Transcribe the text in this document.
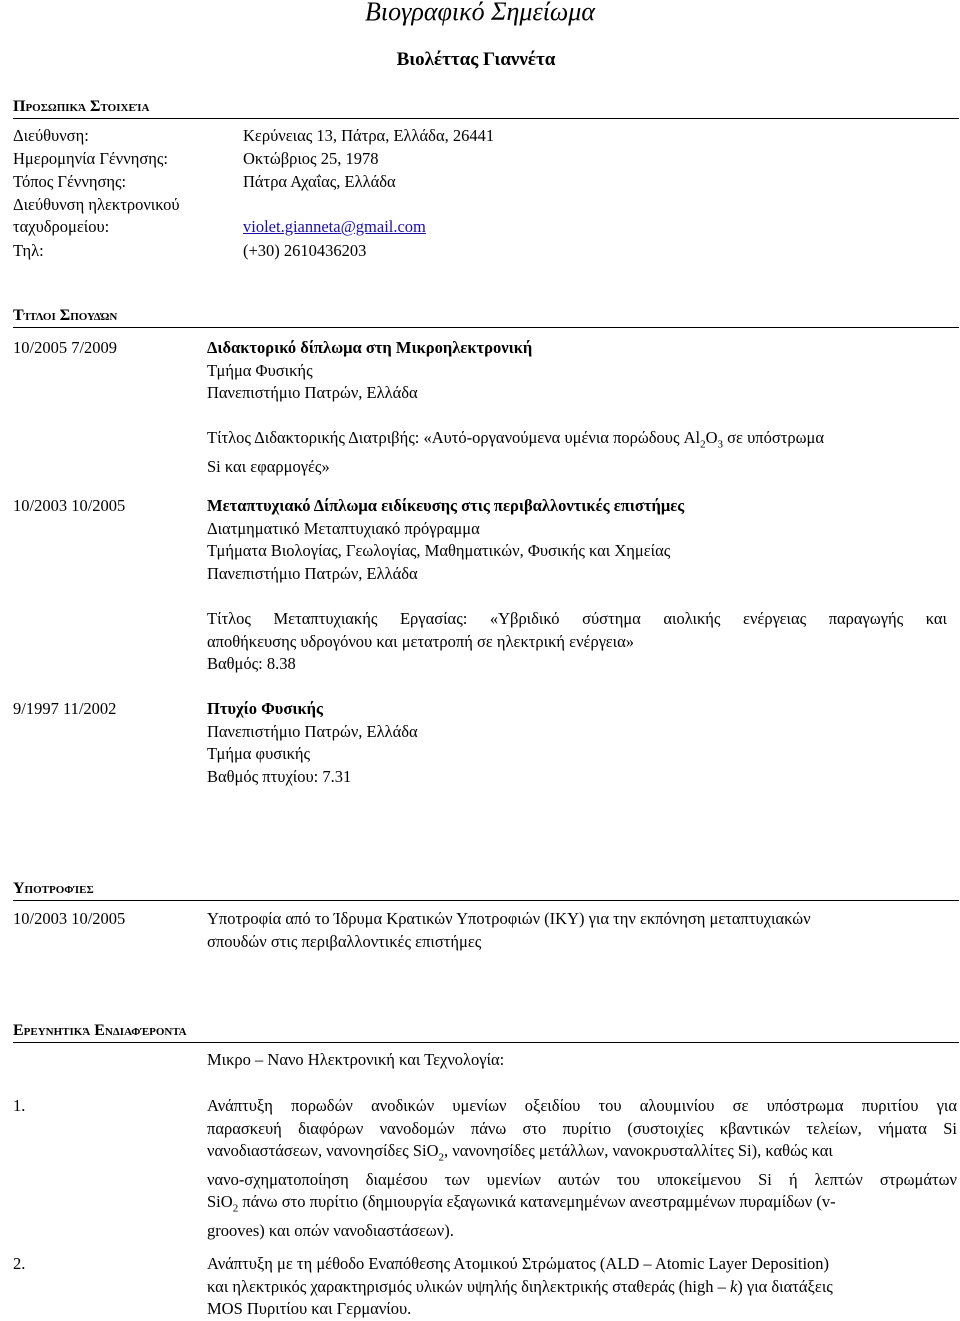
Βιογραφικό Σημείωμα
Βιολέττας Γιαννέτα
Προσωπικά Στοιχεία
Διεύθυνση:	Κερύνειας 13, Πάτρα, Ελλάδα, 26441
Ημερομηνία Γέννησης:	Οκτώβριος 25, 1978
Τόπος Γέννησης:	Πάτρα Αχαΐας, Ελλάδα
Διεύθυνση ηλεκτρονικού
ταχυδρομείου:	violet.gianneta@gmail.com
Τηλ:	(+30) 2610436203
Τίτλοι Σπουδών
10/2005 7/2009	Διδακτορικό δίπλωμα στη Μικροηλεκτρονική
Τμήμα Φυσικής
Πανεπιστήμιο Πατρών, Ελλάδα
Τίτλος Διδακτορικής Διατριβής: «Αυτό-οργανούμενα υμένια πορώδους $Al_2O_3$ σε υπόστρωμα
Si και εφαρμογές»
10/2003 10/2005	Μεταπτυχιακό Δίπλωμα ειδίκευσης στις περιβαλλοντικές επιστήμες
Διατμηματικό Μεταπτυχιακό πρόγραμμα
Τμήματα Βιολογίας, Γεωλογίας, Μαθηματικών, Φυσικής και Χημείας
Πανεπιστήμιο Πατρών, Ελλάδα
Τίτλος Μεταπτυχιακής Εργασίας: «Υβριδικό σύστημα αιολικής ενέργειας παραγωγής και
αποθήκευσης υδρογόνου και μετατροπή σε ηλεκτρική ενέργεια»
Βαθμός: 8.38
9/1997 11/2002	Πτυχίο Φυσικής
Πανεπιστήμιο Πατρών, Ελλάδα
Τμήμα φυσικής
Βαθμός πτυχίου: 7.31
Υποτροφίες
10/2003 10/2005	Υποτροφία από το Ίδρυμα Κρατικών Υποτροφιών (ΙΚΥ) για την εκπόνηση μεταπτυχιακών
σπουδών στις περιβαλλοντικές επιστήμες
Ερευνητικά Ενδιαφέροντα
Μικρο – Νανο Ηλεκτρονική και Τεχνολογία:
1.	Ανάπτυξη πορωδών ανοδικών υμενίων οξειδίου του αλουμινίου σε υπόστρωμα πυριτίου για
παρασκευή διαφόρων νανοδομών πάνω στο πυρίτιο (συστοιχίες κβαντικών τελείων, νήματα Si
νανοδιαστάσεων, νανονησίδες SiO$_2$, νανονησίδες μετάλλων, νανοκρυσταλλίτες Si), καθώς και
νανο-σχηματοποίηση διαμέσου των υμενίων αυτών του υποκείμενου Si ή λεπτών στρωμάτων
SiO$_2$ πάνω στο πυρίτιο (δημιουργία εξαγωνικά κατανεμημένων ανεστραμμένων πυραμίδων (v-
grooves) και οπών νανοδιαστάσεων).
2.	Ανάπτυξη με τη μέθοδο Εναπόθεσης Ατομικού Στρώματος (ALD – Atomic Layer Deposition)
και ηλεκτρικός χαρακτηρισμός υλικών υψηλής διηλεκτρικής σταθεράς (high – k) για διατάξεις
MOS Πυριτίου και Γερμανίου.
